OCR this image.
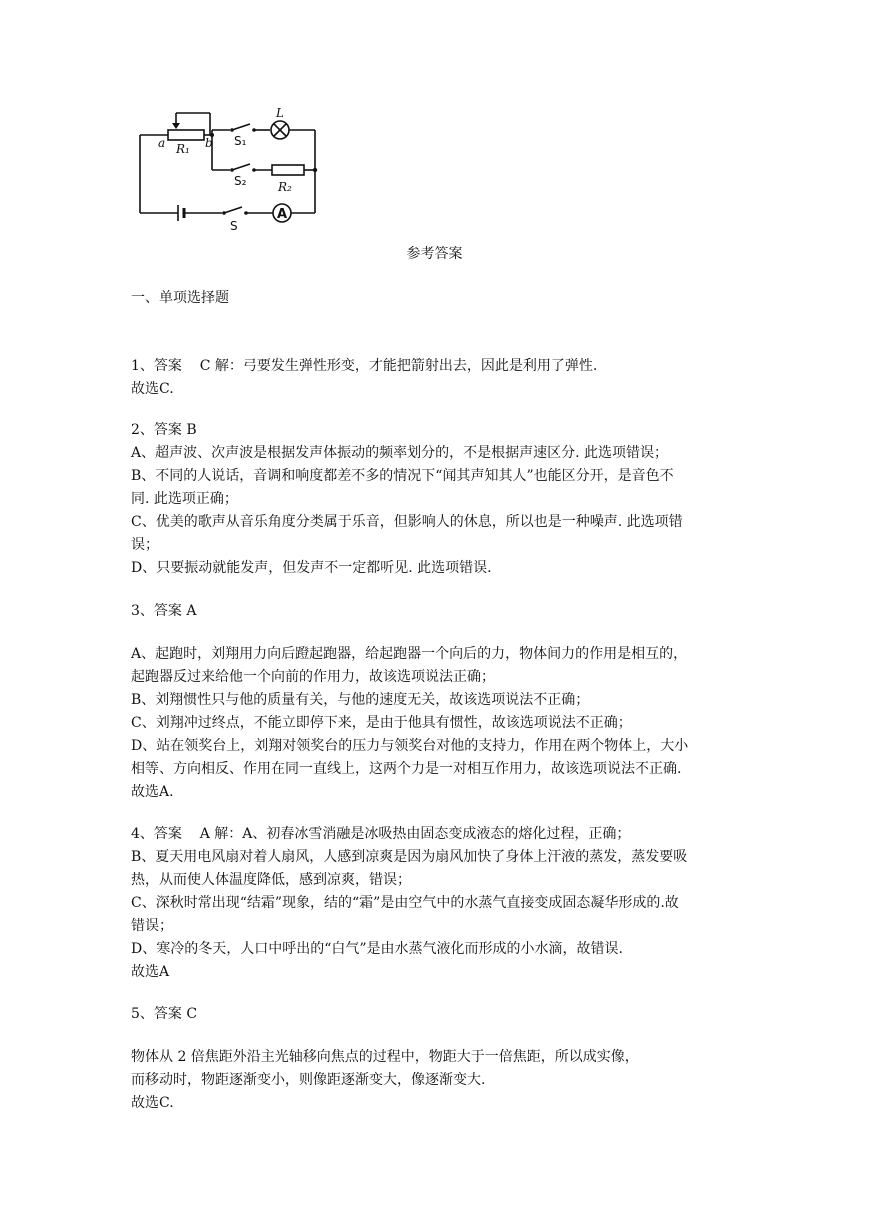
a R₁ b
L
R₂
S₁
S₂
S
A
参考答案
一、单项选择题
1、答案    C 解：弓要发生弹性形变，才能把箭射出去，因此是利用了弹性.
故选C.
2、答案 B
A、超声波、次声波是根据发声体振动的频率划分的，不是根据声速区分. 此选项错误；
B、不同的人说话，音调和响度都差不多的情况下“闻其声知其人”也能区分开，是音色不
同. 此选项正确；
C、优美的歌声从音乐角度分类属于乐音，但影响人的休息，所以也是一种噪声. 此选项错
误；
D、只要振动就能发声，但发声不一定都听见. 此选项错误.
3、答案 A
A、起跑时，刘翔用力向后蹬起跑器，给起跑器一个向后的力，物体间力的作用是相互的，
起跑器反过来给他一个向前的作用力，故该选项说法正确；
B、刘翔惯性只与他的质量有关，与他的速度无关，故该选项说法不正确；
C、刘翔冲过终点，不能立即停下来，是由于他具有惯性，故该选项说法不正确；
D、站在领奖台上，刘翔对领奖台的压力与领奖台对他的支持力，作用在两个物体上，大小
相等、方向相反、作用在同一直线上，这两个力是一对相互作用力，故该选项说法不正确.
故选A.
4、答案    A 解：A、初春冰雪消融是冰吸热由固态变成液态的熔化过程，正确；
B、夏天用电风扇对着人扇风，人感到凉爽是因为扇风加快了身体上汗液的蒸发，蒸发要吸
热，从而使人体温度降低，感到凉爽，错误；
C、深秋时常出现“结霜”现象，结的“霜”是由空气中的水蒸气直接变成固态凝华形成的.故
错误；
D、寒冷的冬天，人口中呼出的“白气”是由水蒸气液化而形成的小水滴，故错误.
故选A
5、答案 C
物体从 2 倍焦距外沿主光轴移向焦点的过程中，物距大于一倍焦距，所以成实像，
而移动时，物距逐渐变小，则像距逐渐变大，像逐渐变大.
故选C.
